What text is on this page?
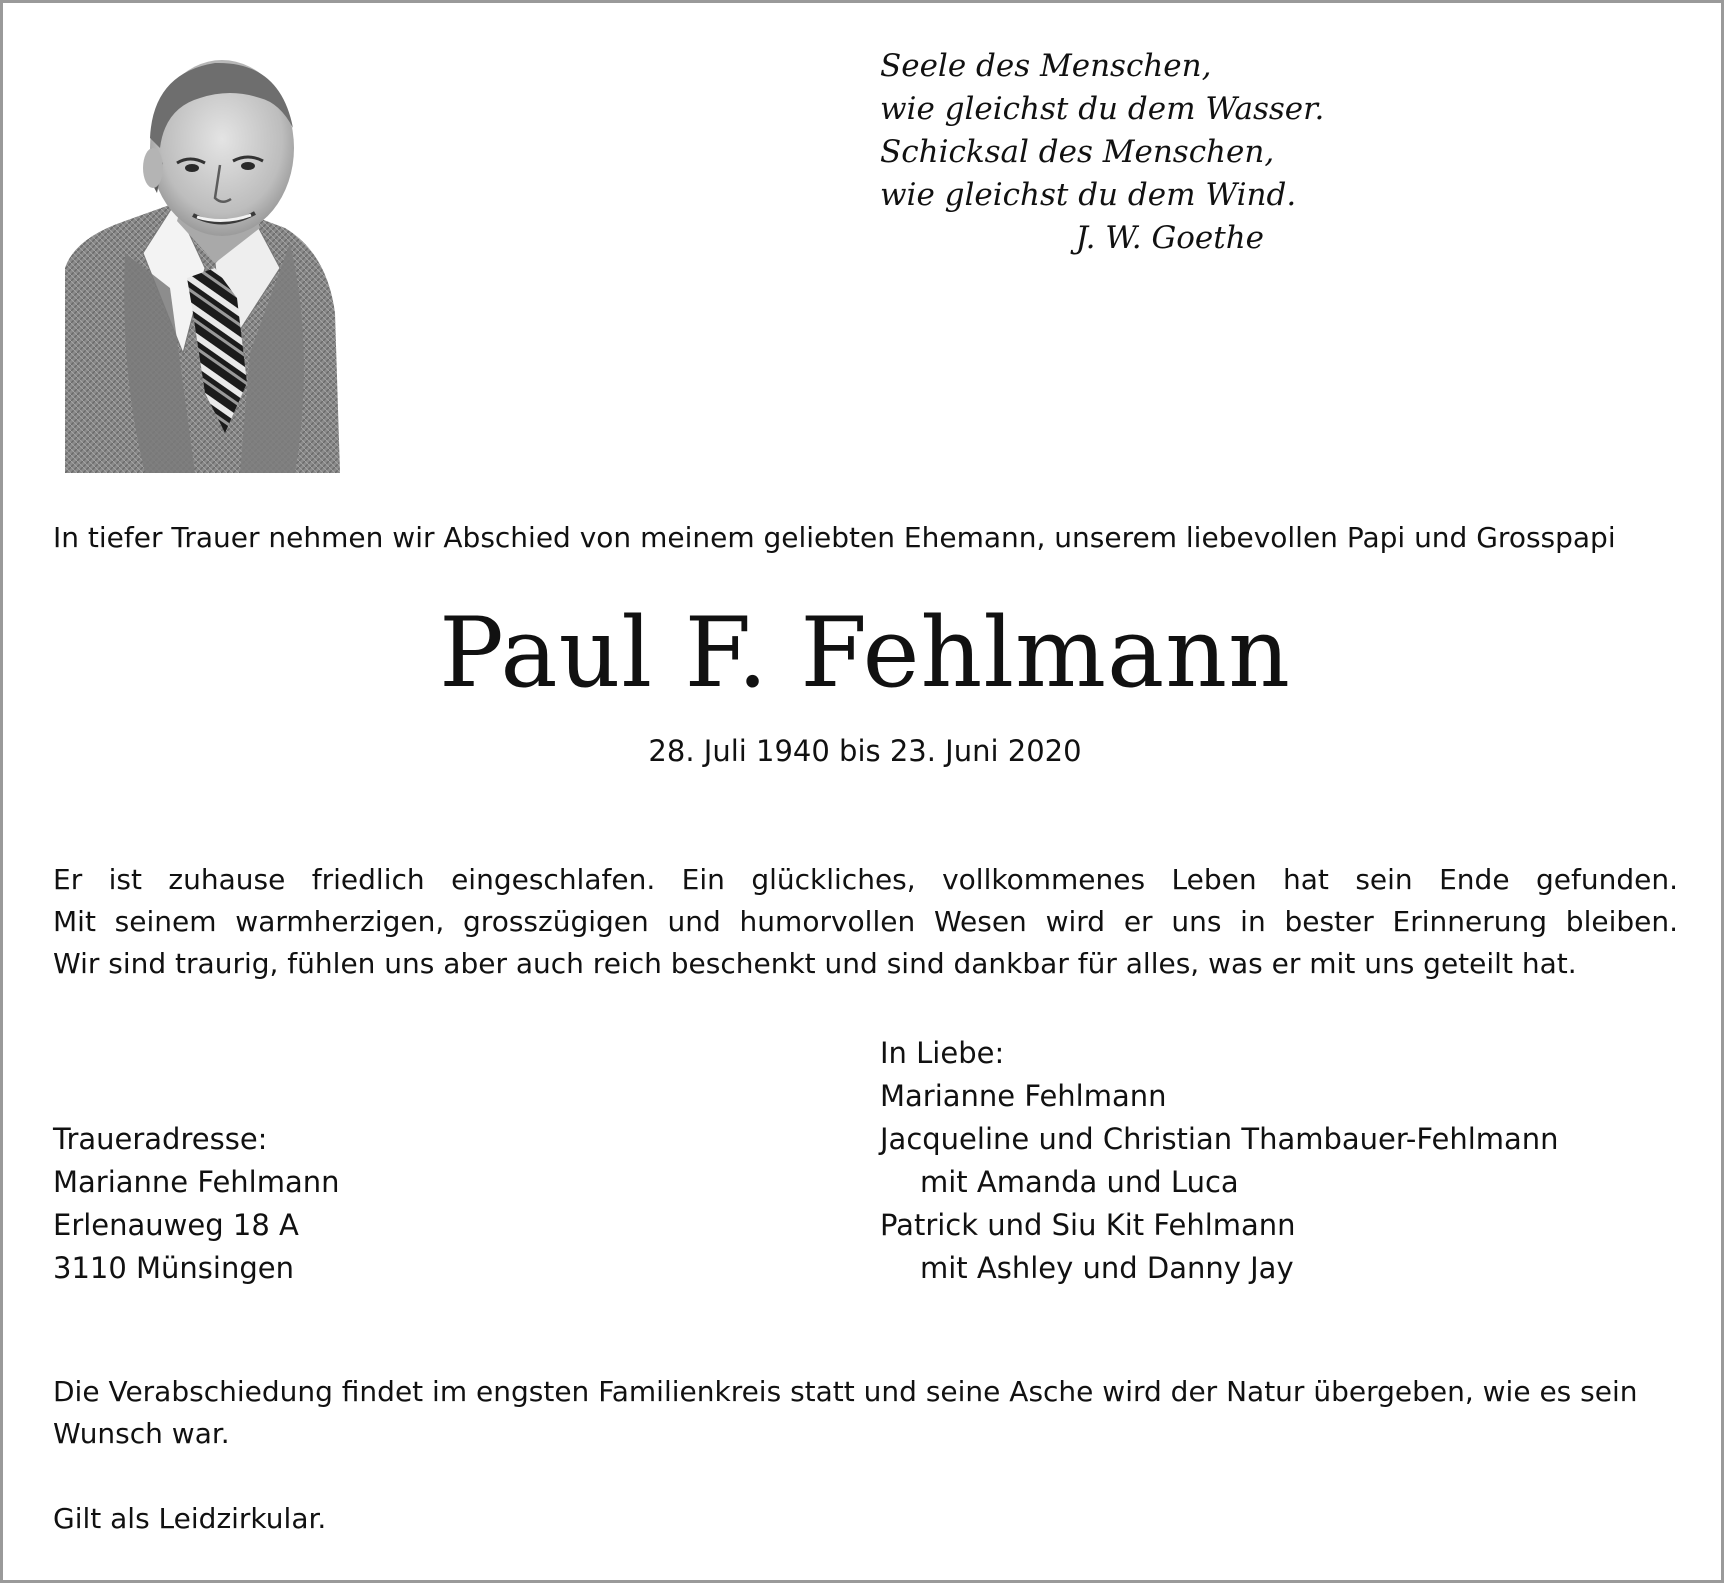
Seele des Menschen,
wie gleichst du dem Wasser.
Schicksal des Menschen,
wie gleichst du dem Wind.
J. W. Goethe
In tiefer Trauer nehmen wir Abschied von meinem geliebten Ehemann, unserem liebevollen Papi und Grosspapi
Paul F. Fehlmann
28. Juli 1940 bis 23. Juni 2020
Er ist zuhause friedlich eingeschlafen. Ein glückliches, vollkommenes Leben hat sein Ende gefunden.
Mit seinem warmherzigen, grosszügigen und humorvollen Wesen wird er uns in bester Erinnerung bleiben.
Wir sind traurig, fühlen uns aber auch reich beschenkt und sind dankbar für alles, was er mit uns geteilt hat.
Traueradresse:
Marianne Fehlmann
Erlenauweg 18 A
3110 Münsingen
In Liebe:
Marianne Fehlmann
Jacqueline und Christian Thambauer-Fehlmann
mit Amanda und Luca
Patrick und Siu Kit Fehlmann
mit Ashley und Danny Jay
Die Verabschiedung findet im engsten Familienkreis statt und seine Asche wird der Natur übergeben, wie es sein Wunsch war.
Gilt als Leidzirkular.
